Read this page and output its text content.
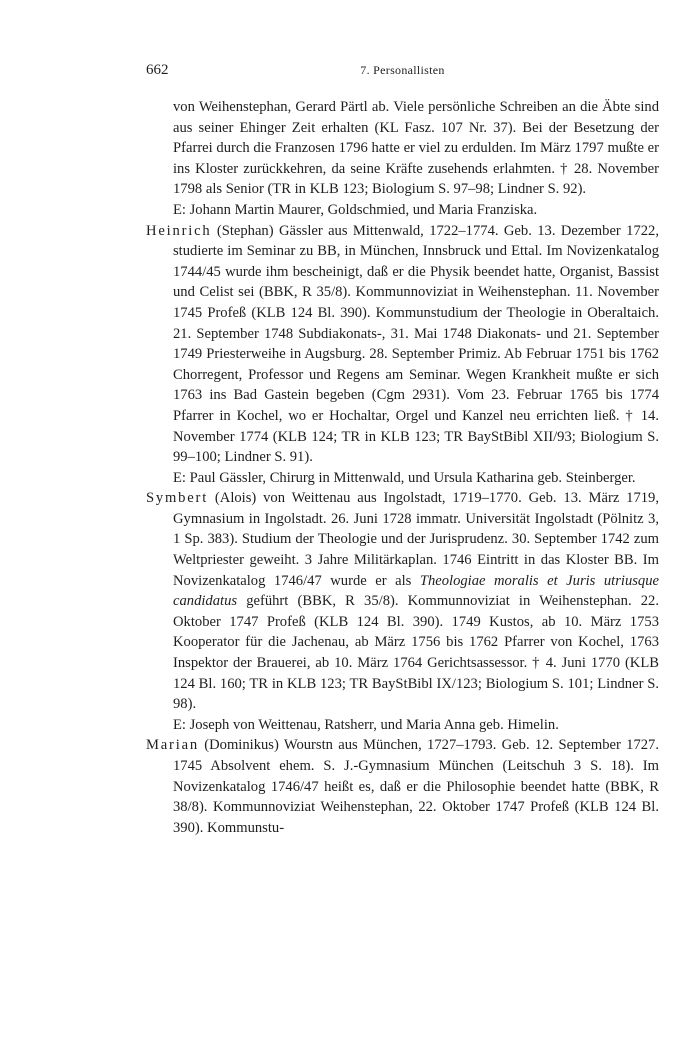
662	7. Personallisten

von Weihenstephan, Gerard Pärtl ab. Viele persönliche Schreiben an die Äbte sind aus seiner Ehinger Zeit erhalten (KL Fasz. 107 Nr. 37). Bei der Besetzung der Pfarrei durch die Franzosen 1796 hatte er viel zu erdulden. Im März 1797 mußte er ins Kloster zurückkehren, da seine Kräfte zusehends erlahmten. † 28. November 1798 als Senior (TR in KLB 123; Biologium S. 97–98; Lindner S. 92).

E: Johann Martin Maurer, Goldschmied, und Maria Franziska.

Heinrich (Stephan) Gässler aus Mittenwald, 1722–1774. Geb. 13. Dezember 1722, studierte im Seminar zu BB, in München, Innsbruck und Ettal. Im Novizenkatalog 1744/45 wurde ihm bescheinigt, daß er die Physik beendet hatte, Organist, Bassist und Celist sei (BBK, R 35/8). Kommunnoviziat in Weihenstephan. 11. November 1745 Profeß (KLB 124 Bl. 390). Kommunstudium der Theologie in Oberaltaich. 21. September 1748 Subdiakonats-, 31. Mai 1748 Diakonats- und 21. September 1749 Priesterweihe in Augsburg. 28. September Primiz. Ab Februar 1751 bis 1762 Chorregent, Professor und Regens am Seminar. Wegen Krankheit mußte er sich 1763 ins Bad Gastein begeben (Cgm 2931). Vom 23. Februar 1765 bis 1774 Pfarrer in Kochel, wo er Hochaltar, Orgel und Kanzel neu errichten ließ. † 14. November 1774 (KLB 124; TR in KLB 123; TR BayStBibl XII/93; Biologium S. 99–100; Lindner S. 91).

E: Paul Gässler, Chirurg in Mittenwald, und Ursula Katharina geb. Steinberger.

Symbert (Alois) von Weittenau aus Ingolstadt, 1719–1770. Geb. 13. März 1719, Gymnasium in Ingolstadt. 26. Juni 1728 immatr. Universität Ingolstadt (Pölnitz 3, 1 Sp. 383). Studium der Theologie und der Jurisprudenz. 30. September 1742 zum Weltpriester geweiht. 3 Jahre Militärkaplan. 1746 Eintritt in das Kloster BB. Im Novizenkatalog 1746/47 wurde er als Theologiae moralis et Juris utriusque candidatus geführt (BBK, R 35/8). Kommunnoviziat in Weihenstephan. 22. Oktober 1747 Profeß (KLB 124 Bl. 390). 1749 Kustos, ab 10. März 1753 Kooperator für die Jachenau, ab März 1756 bis 1762 Pfarrer von Kochel, 1763 Inspektor der Brauerei, ab 10. März 1764 Gerichtsassessor. † 4. Juni 1770 (KLB 124 Bl. 160; TR in KLB 123; TR BayStBibl IX/123; Biologium S. 101; Lindner S. 98).

E: Joseph von Weittenau, Ratsherr, und Maria Anna geb. Himelin.

Marian (Dominikus) Wourstn aus München, 1727–1793. Geb. 12. September 1727. 1745 Absolvent ehem. S. J.-Gymnasium München (Leitschuh 3 S. 18). Im Novizenkatalog 1746/47 heißt es, daß er die Philosophie beendet hatte (BBK, R 38/8). Kommunnoviziat Weihenstephan, 22. Oktober 1747 Profeß (KLB 124 Bl. 390). Kommunstu-
